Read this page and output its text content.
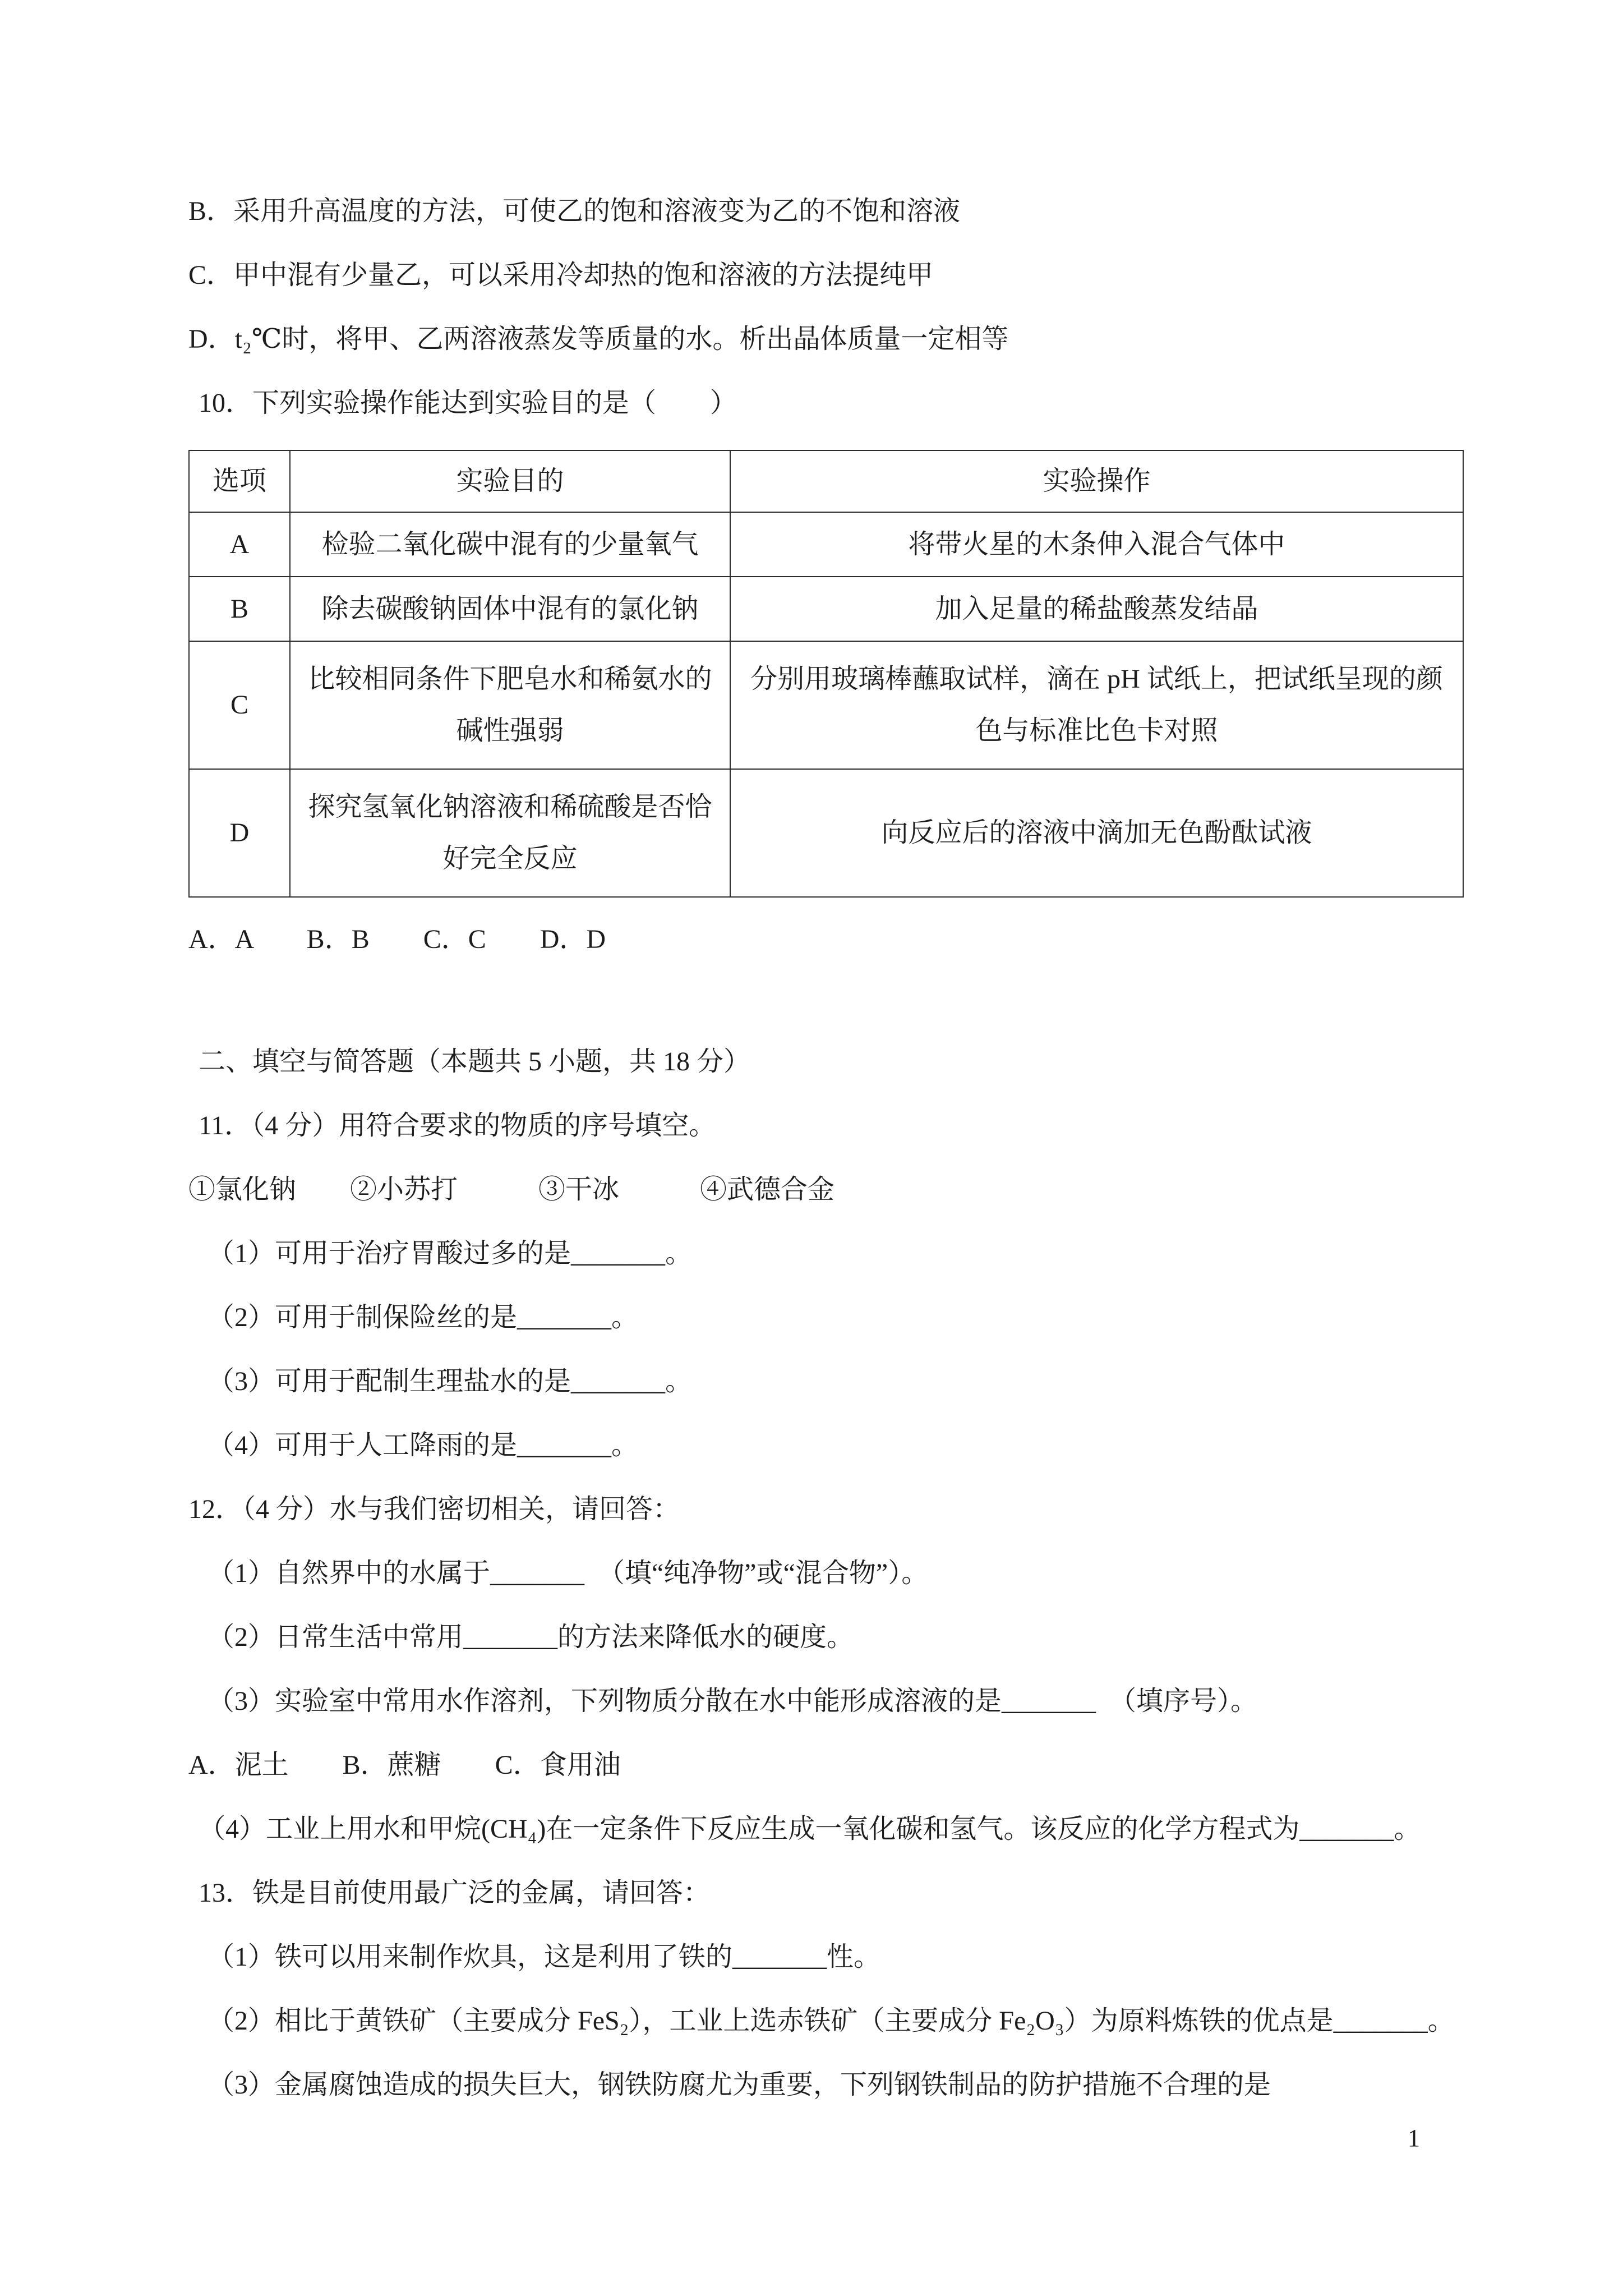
B．采用升高温度的方法，可使乙的饱和溶液变为乙的不饱和溶液
C．甲中混有少量乙，可以采用冷却热的饱和溶液的方法提纯甲
D．t₂℃时，将甲、乙两溶液蒸发等质量的水。析出晶体质量一定相等
10．下列实验操作能达到实验目的是（　　）
选项	实验目的	实验操作
A	检验二氧化碳中混有的少量氧气	将带火星的木条伸入混合气体中
B	除去碳酸钠固体中混有的氯化钠	加入足量的稀盐酸蒸发结晶
C	比较相同条件下肥皂水和稀氨水的碱性强弱	分别用玻璃棒蘸取试样，滴在 pH 试纸上，把试纸呈现的颜色与标准比色卡对照
D	探究氢氧化钠溶液和稀硫酸是否恰好完全反应	向反应后的溶液中滴加无色酚酞试液
A．A　　B．B　　C．C　　D．D
二、填空与简答题（本题共 5 小题，共 18 分）
11．（4 分）用符合要求的物质的序号填空。
①氯化钠　　②小苏打　　　③干冰　　　④武德合金
（1）可用于治疗胃酸过多的是_______。
（2）可用于制保险丝的是_______。
（3）可用于配制生理盐水的是_______。
（4）可用于人工降雨的是_______。
12．（4 分）水与我们密切相关，请回答：
（1）自然界中的水属于_______　（填“纯净物”或“混合物”）。
（2）日常生活中常用_______的方法来降低水的硬度。
（3）实验室中常用水作溶剂，下列物质分散在水中能形成溶液的是_______　（填序号）。
A．泥土　　B．蔗糖　　C．食用油
（4）工业上用水和甲烷(CH₄)在一定条件下反应生成一氧化碳和氢气。该反应的化学方程式为_______。
13．铁是目前使用最广泛的金属，请回答：
（1）铁可以用来制作炊具，这是利用了铁的_______性。
（2）相比于黄铁矿（主要成分 FeS₂），工业上选赤铁矿（主要成分 Fe₂O₃）为原料炼铁的优点是_______。
（3）金属腐蚀造成的损失巨大，钢铁防腐尤为重要，下列钢铁制品的防护措施不合理的是
1
